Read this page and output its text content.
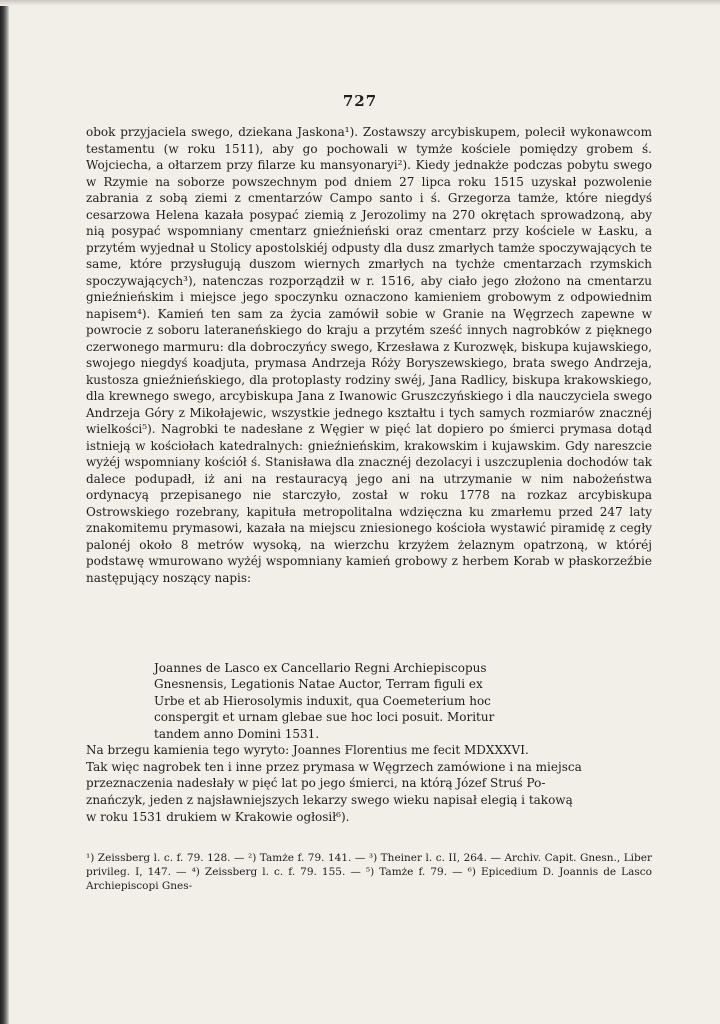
727

obok przyjaciela swego, dziekana Jaskona¹). Zostawszy arcybiskupem, polecił wykonawcom testamentu (w roku 1511), aby go pochowali w tymże kościele pomiędzy grobem ś. Wojciecha, a ołtarzem przy filarze ku mansyonaryi²). Kiedy jednakże podczas pobytu swego w Rzymie na soborze powszechnym pod dniem 27 lipca roku 1515 uzyskał pozwolenie zabrania z sobą ziemi z cmentarzów Campo santo i ś. Grzegorza tamże, które niegdyś cesarzowa Helena kazała posypać ziemią z Jerozolimy na 270 okrętach sprowadzoną, aby nią posypać wspomniany cmentarz gnieźnieński oraz cmentarz przy kościele w Łasku, a przytém wyjednał u Stolicy apostolskiéj odpusty dla dusz zmarłych tamże spoczywających te same, które przysługują duszom wiernych zmarłych na tychże cmentarzach rzymskich spoczywających³), natenczas rozporządził w r. 1516, aby ciało jego złożono na cmentarzu gnieźnieńskim i miejsce jego spoczynku oznaczono kamieniem grobowym z odpowiednim napisem⁴). Kamień ten sam za życia zamówił sobie w Granie na Węgrzech zapewne w powrocie z soboru lateraneńskiego do kraju a przytém sześć innych nagrobków z pięknego czerwonego marmuru: dla dobroczyńcy swego, Krzesława z Kurozwęk, biskupa kujawskiego, swojego niegdyś koadjuta, prymasa Andrzeja Róży Boryszewskiego, brata swego Andrzeja, kustosza gnieźnieńskiego, dla protoplasty rodziny swéj, Jana Radlicy, biskupa krakowskiego, dla krewnego swego, arcybiskupa Jana z Iwanowic Gruszczyńskiego i dla nauczyciela swego Andrzeja Góry z Mikołajewic, wszystkie jednego kształtu i tych samych rozmiarów znacznéj wielkości⁵). Nagrobki te nadesłane z Węgier w pięć lat dopiero po śmierci prymasa dotąd istnieją w kościołach katedralnych: gnieźnieńskim, krakowskim i kujawskim. Gdy nareszcie wyżéj wspomniany kościół ś. Stanisława dla znacznéj dezolacyi i uszczuplenia dochodów tak dalece podupadł, iż ani na restauracyą jego ani na utrzymanie w nim nabożeństwa ordynacyą przepisanego nie starczyło, został w roku 1778 na rozkaz arcybiskupa Ostrowskiego rozebrany, kapituła metropolitalna wdzięczna ku zmarłemu przed 247 laty znakomitemu prymasowi, kazała na miejscu zniesionego kościoła wystawić piramidę z cegły palonéj około 8 metrów wysoką, na wierzchu krzyżem żelaznym opatrzoną, w któréj podstawę wmurowano wyżéj wspomniany kamień grobowy z herbem Korab w płaskorzeźbie następujący noszący napis:

Joannes de Lasco ex Cancellario Regni Archiepiscopus
Gnesnensis, Legationis Natae Auctor, Terram figuli ex
Urbe et ab Hierosolymis induxit, qua Coemeterium hoc
conspergit et urnam glebae sue hoc loci posuit. Moritur
tandem anno Domini 1531.
Na brzegu kamienia tego wyryto: Joannes Florentius me fecit MDXXXVI.
Tak więc nagrobek ten i inne przez prymasa w Węgrzech zamówione i na miejsca
przeznaczenia nadesłały w pięć lat po jego śmierci, na którą Józef Struś Po-
znańczyk, jeden z najsławniejszych lekarzy swego wieku napisał elegią i takową
w roku 1531 drukiem w Krakowie ogłosił⁶).

¹) Zeissberg l. c. f. 79. 128. — ²) Tamże f. 79. 141. — ³) Theiner l. c. II, 264. — Archiv. Capit. Gnesn., Liber privileg. I, 147. — ⁴) Zeissberg l. c. f. 79. 155. — ⁵) Tamże f. 79. — ⁶) Epicedium D. Joannis de Lasco Archiepiscopi Gnes-
